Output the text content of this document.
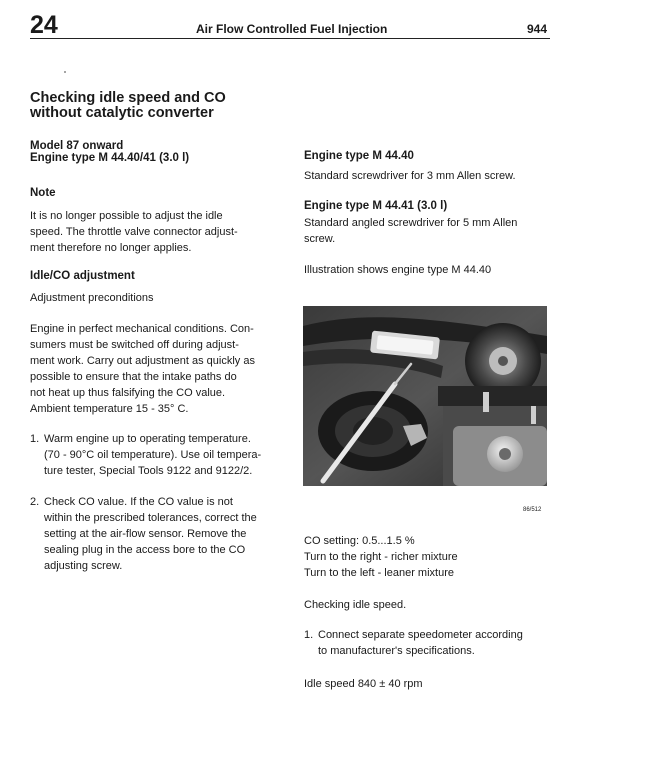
24	Air Flow Controlled Fuel Injection	944
Checking idle speed and CO
without catalytic converter
Model 87 onward
Engine type M 44.40/41 (3.0 l)
Note
It is no longer possible to adjust the idle
speed. The throttle valve connector adjust-
ment therefore no longer applies.
Idle/CO adjustment
Adjustment preconditions
Engine in perfect mechanical conditions. Con-
sumers must be switched off during adjust-
ment work. Carry out adjustment as quickly as
possible to ensure that the intake paths do
not heat up thus falsifying the CO value.
Ambient temperature 15 - 35° C.
1. Warm engine up to operating temperature.
(70 - 90°C oil temperature). Use oil tempera-
ture tester, Special Tools 9122 and 9122/2.
2. Check CO value. If the CO value is not
within the prescribed tolerances, correct the
setting at the air-flow sensor. Remove the
sealing plug in the access bore to the CO
adjusting screw.
Engine type M 44.40
Standard screwdriver for 3 mm Allen screw.
Engine type M 44.41 (3.0 l)
Standard angled screwdriver for 5 mm Allen
screw.
Illustration shows engine type M 44.40
86/512
CO setting: 0.5...1.5 %
Turn to the right - richer mixture
Turn to the left - leaner mixture
Checking idle speed.
1. Connect separate speedometer according
to manufacturer's specifications.
Idle speed 840 ± 40 rpm
